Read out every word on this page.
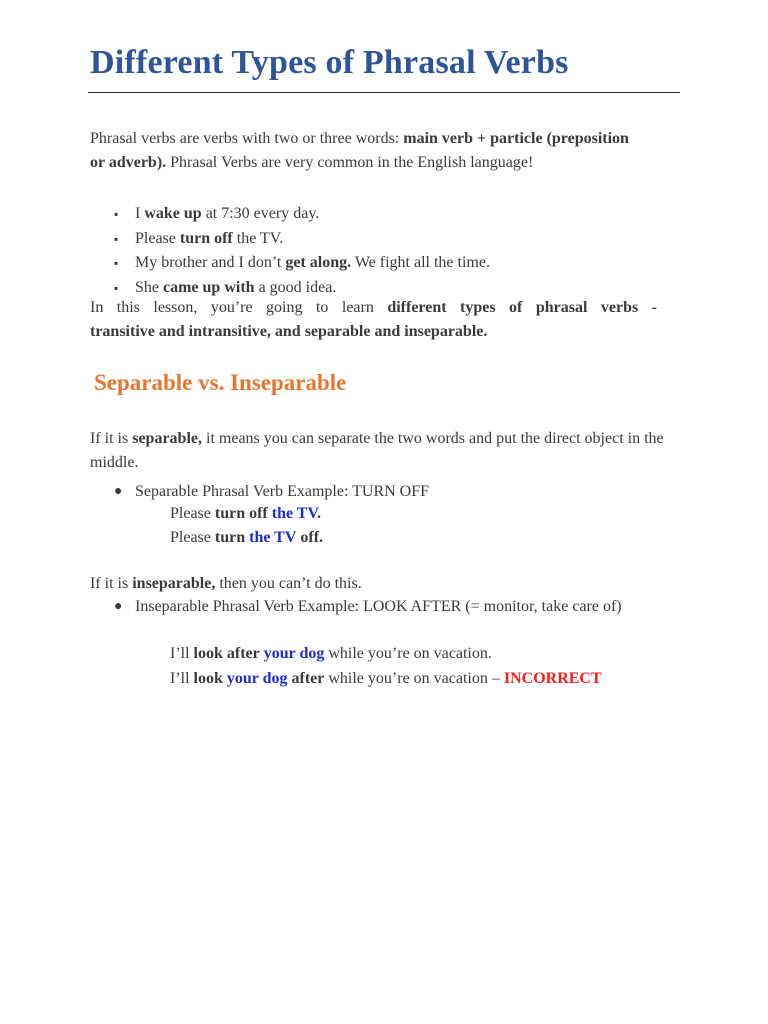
Different Types of Phrasal Verbs

Phrasal verbs are verbs with two or three words: main verb + particle (preposition or adverb). Phrasal Verbs are very common in the English language!

▪ I wake up at 7:30 every day.
▪ Please turn off the TV.
▪ My brother and I don’t get along. We fight all the time.
▪ She came up with a good idea.

In this lesson, you’re going to learn different types of phrasal verbs -
transitive and intransitive, and separable and inseparable.

Separable vs. Inseparable

If it is separable, it means you can separate the two words and put the direct object in the middle.

● Separable Phrasal Verb Example: TURN OFF

Please turn off the TV.

Please turn the TV off.

If it is inseparable, then you can’t do this.

● Inseparable Phrasal Verb Example: LOOK AFTER (= monitor, take care of)

I’ll look after your dog while you’re on vacation.

I’ll look your dog after while you’re on vacation – INCORRECT
